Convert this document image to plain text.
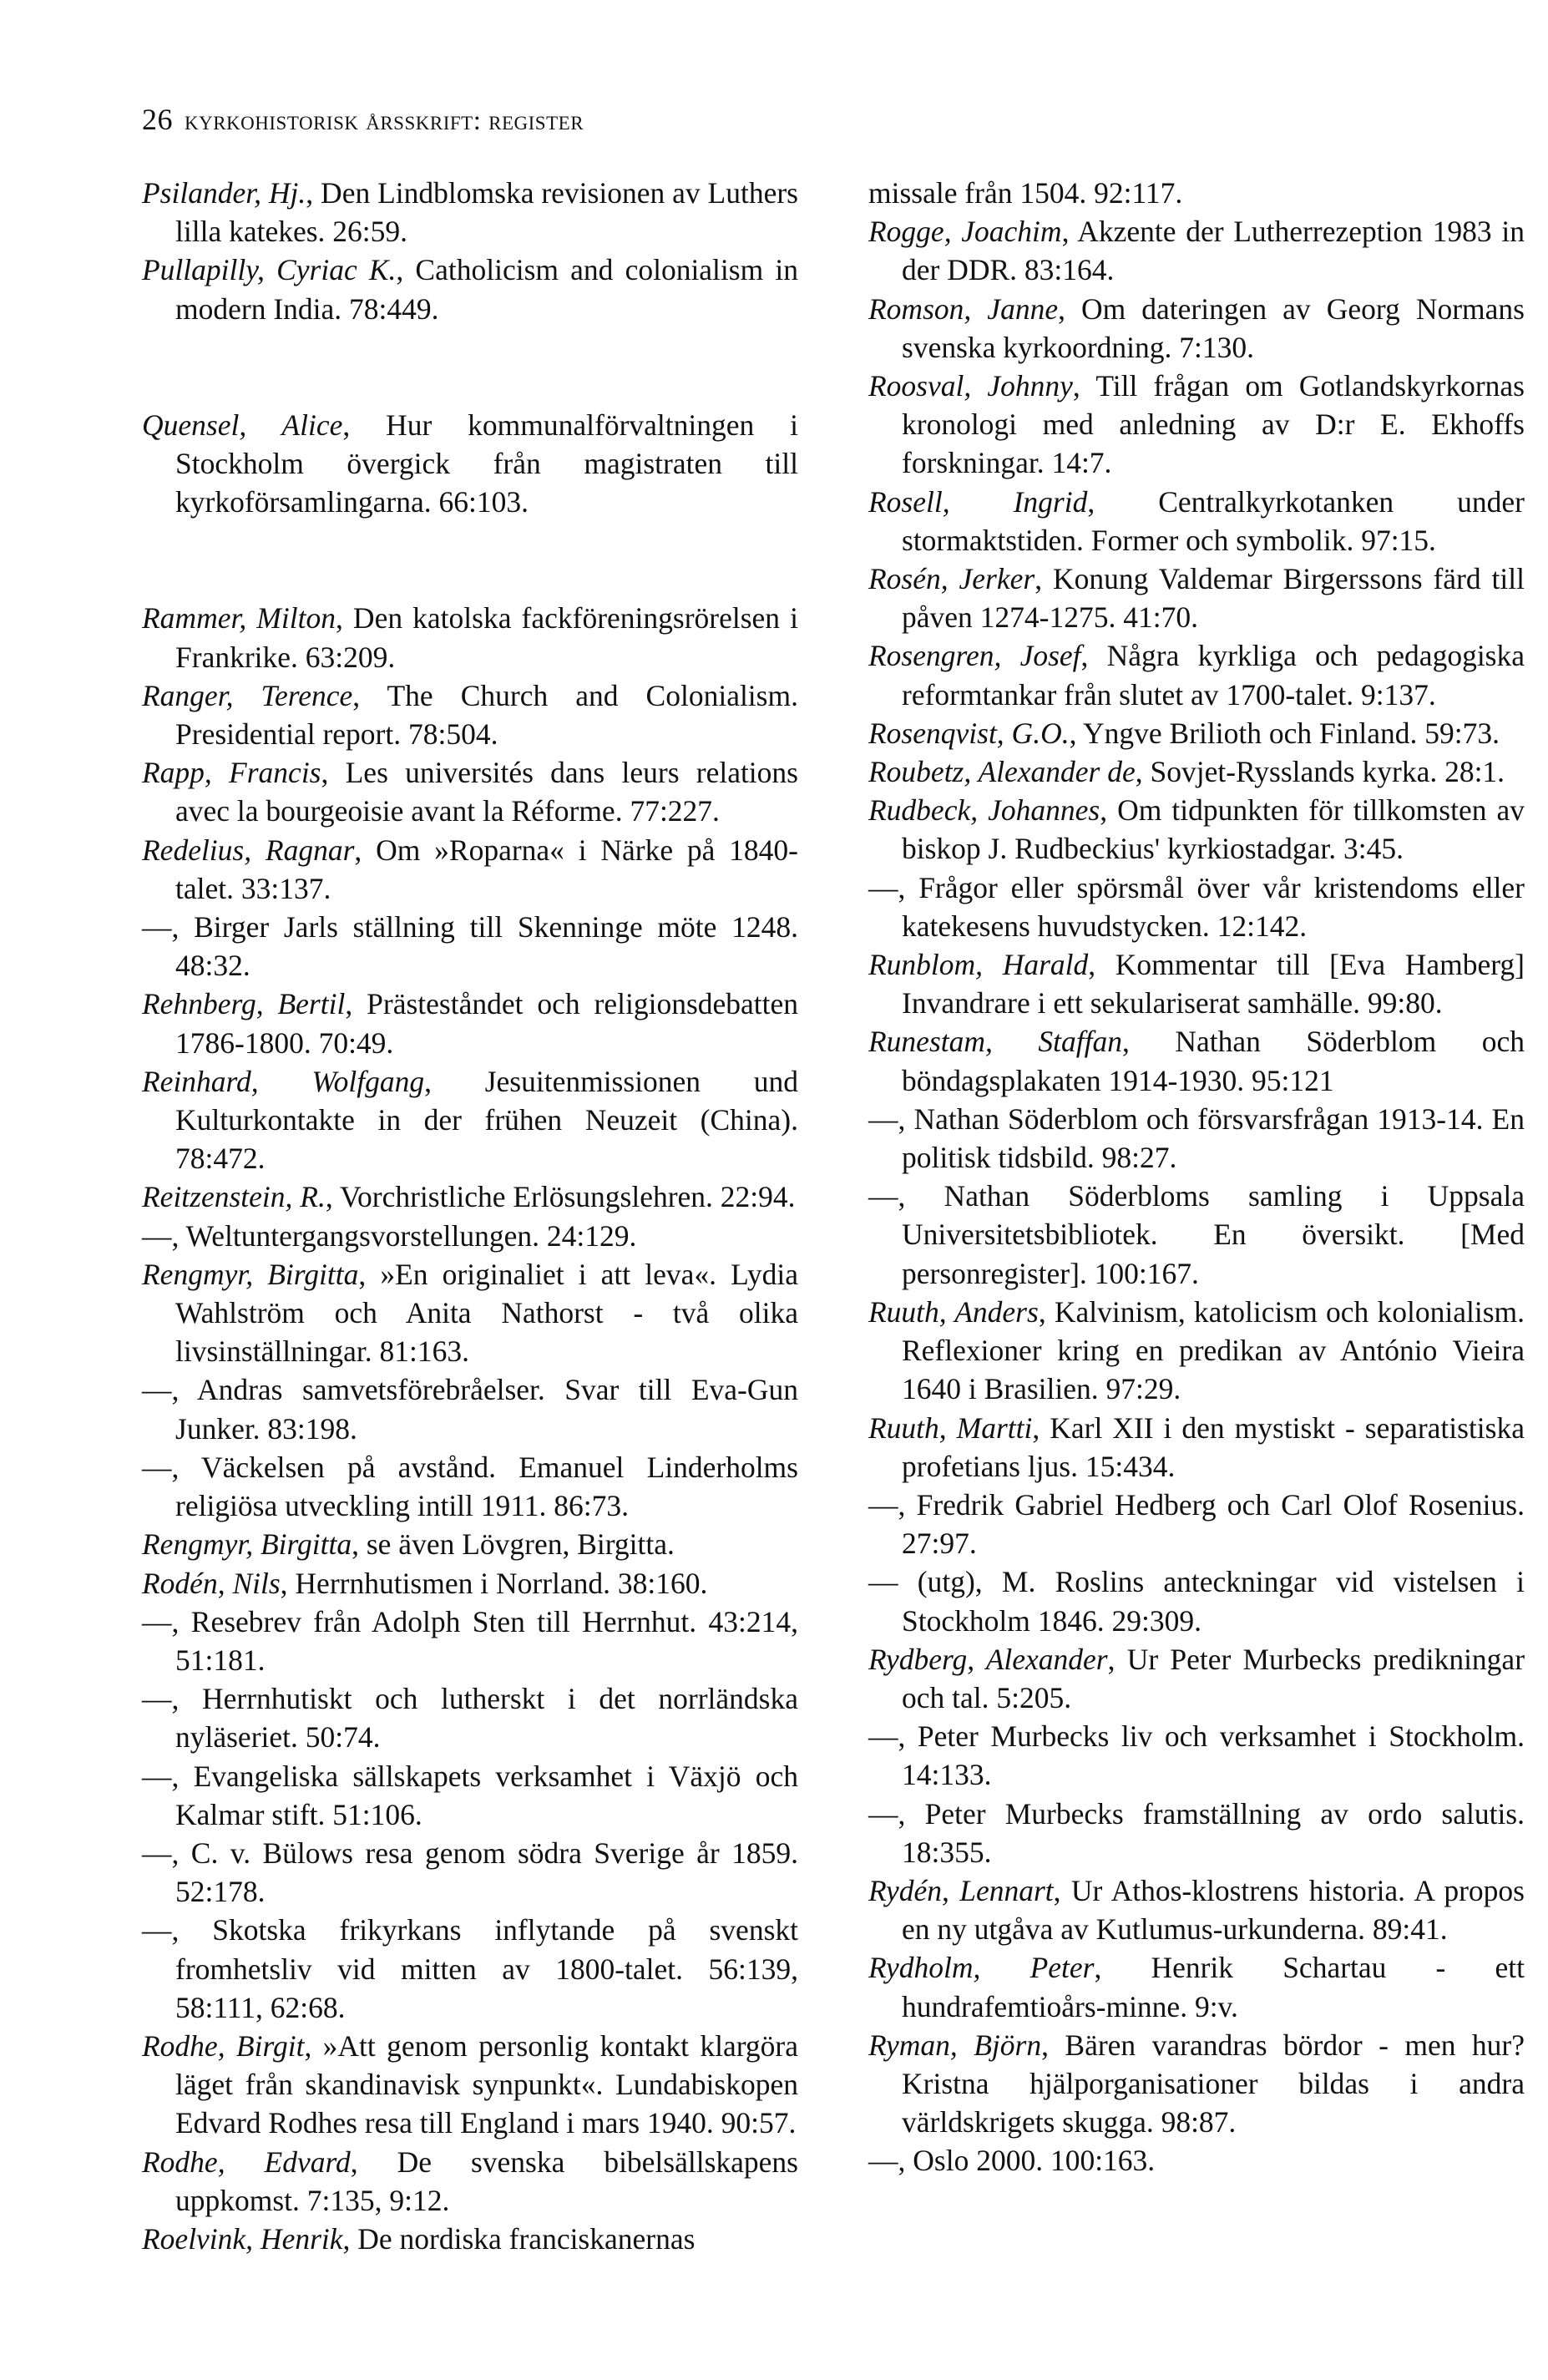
26 kyrkohistorisk årsskrift: register

Psilander, Hj., Den Lindblomska revisionen av Luthers lilla katekes. 26:59.

Pullapilly, Cyriac K., Catholicism and colonialism in modern India. 78:449.

Quensel, Alice, Hur kommunalförvaltningen i Stockholm övergick från magistraten till kyrkoförsamlingarna. 66:103.

Rammer, Milton, Den katolska fackföreningsrörelsen i Frankrike. 63:209.

Ranger, Terence, The Church and Colonialism. Presidential report. 78:504.

Rapp, Francis, Les universités dans leurs relations avec la bourgeoisie avant la Réforme. 77:227.

Redelius, Ragnar, Om »Roparna« i Närke på 1840-talet. 33:137.

—, Birger Jarls ställning till Skenninge möte 1248. 48:32.

Rehnberg, Bertil, Prästeståndet och religionsdebatten 1786-1800. 70:49.

Reinhard, Wolfgang, Jesuitenmissionen und Kulturkontakte in der frühen Neuzeit (China). 78:472.

Reitzenstein, R., Vorchristliche Erlösungslehren. 22:94.

—, Weltuntergangsvorstellungen. 24:129.

Rengmyr, Birgitta, »En originaliet i att leva«. Lydia Wahlström och Anita Nathorst - två olika livsinställningar. 81:163.

—, Andras samvetsförebråelser. Svar till Eva-Gun Junker. 83:198.

—, Väckelsen på avstånd. Emanuel Linderholms religiösa utveckling intill 1911. 86:73.

Rengmyr, Birgitta, se även Lövgren, Birgitta.

Rodén, Nils, Herrnhutismen i Norrland. 38:160.

—, Resebrev från Adolph Sten till Herrnhut. 43:214, 51:181.

—, Herrnhutiskt och lutherskt i det norrländska nyläseriet. 50:74.

—, Evangeliska sällskapets verksamhet i Växjö och Kalmar stift. 51:106.

—, C. v. Bülows resa genom södra Sverige år 1859. 52:178.

—, Skotska frikyrkans inflytande på svenskt fromhetsliv vid mitten av 1800-talet. 56:139, 58:111, 62:68.

Rodhe, Birgit, »Att genom personlig kontakt klargöra läget från skandinavisk synpunkt«. Lundabiskopen Edvard Rodhes resa till England i mars 1940. 90:57.

Rodhe, Edvard, De svenska bibelsällskapens uppkomst. 7:135, 9:12.

Roelvink, Henrik, De nordiska franciskanernas

missale från 1504. 92:117.

Rogge, Joachim, Akzente der Lutherrezeption 1983 in der DDR. 83:164.

Romson, Janne, Om dateringen av Georg Normans svenska kyrkoordning. 7:130.

Roosval, Johnny, Till frågan om Gotlandskyrkornas kronologi med anledning av D:r E. Ekhoffs forskningar. 14:7.

Rosell, Ingrid, Centralkyrkotanken under stormaktstiden. Former och symbolik. 97:15.

Rosén, Jerker, Konung Valdemar Birgerssons färd till påven 1274-1275. 41:70.

Rosengren, Josef, Några kyrkliga och pedagogiska reformtankar från slutet av 1700-talet. 9:137.

Rosenqvist, G.O., Yngve Brilioth och Finland. 59:73.

Roubetz, Alexander de, Sovjet-Rysslands kyrka. 28:1.

Rudbeck, Johannes, Om tidpunkten för tillkomsten av biskop J. Rudbeckius' kyrkiostadgar. 3:45.

—, Frågor eller spörsmål över vår kristendoms eller katekesens huvudstycken. 12:142.

Runblom, Harald, Kommentar till [Eva Hamberg] Invandrare i ett sekulariserat samhälle. 99:80.

Runestam, Staffan, Nathan Söderblom och böndagsplakaten 1914-1930. 95:121

—, Nathan Söderblom och försvarsfrågan 1913-14. En politisk tidsbild. 98:27.

—, Nathan Söderbloms samling i Uppsala Universitetsbibliotek. En översikt. [Med personregister]. 100:167.

Ruuth, Anders, Kalvinism, katolicism och kolonialism. Reflexioner kring en predikan av António Vieira 1640 i Brasilien. 97:29.

Ruuth, Martti, Karl XII i den mystiskt - separatistiska profetians ljus. 15:434.

—, Fredrik Gabriel Hedberg och Carl Olof Rosenius. 27:97.

— (utg), M. Roslins anteckningar vid vistelsen i Stockholm 1846. 29:309.

Rydberg, Alexander, Ur Peter Murbecks predikningar och tal. 5:205.

—, Peter Murbecks liv och verksamhet i Stockholm. 14:133.

—, Peter Murbecks framställning av ordo salutis. 18:355.

Rydén, Lennart, Ur Athos-klostrens historia. A propos en ny utgåva av Kutlumus-urkunderna. 89:41.

Rydholm, Peter, Henrik Schartau - ett hundrafemtioårs-minne. 9:v.

Ryman, Björn, Bären varandras bördor - men hur? Kristna hjälporganisationer bildas i andra världskrigets skugga. 98:87.

—, Oslo 2000. 100:163.
